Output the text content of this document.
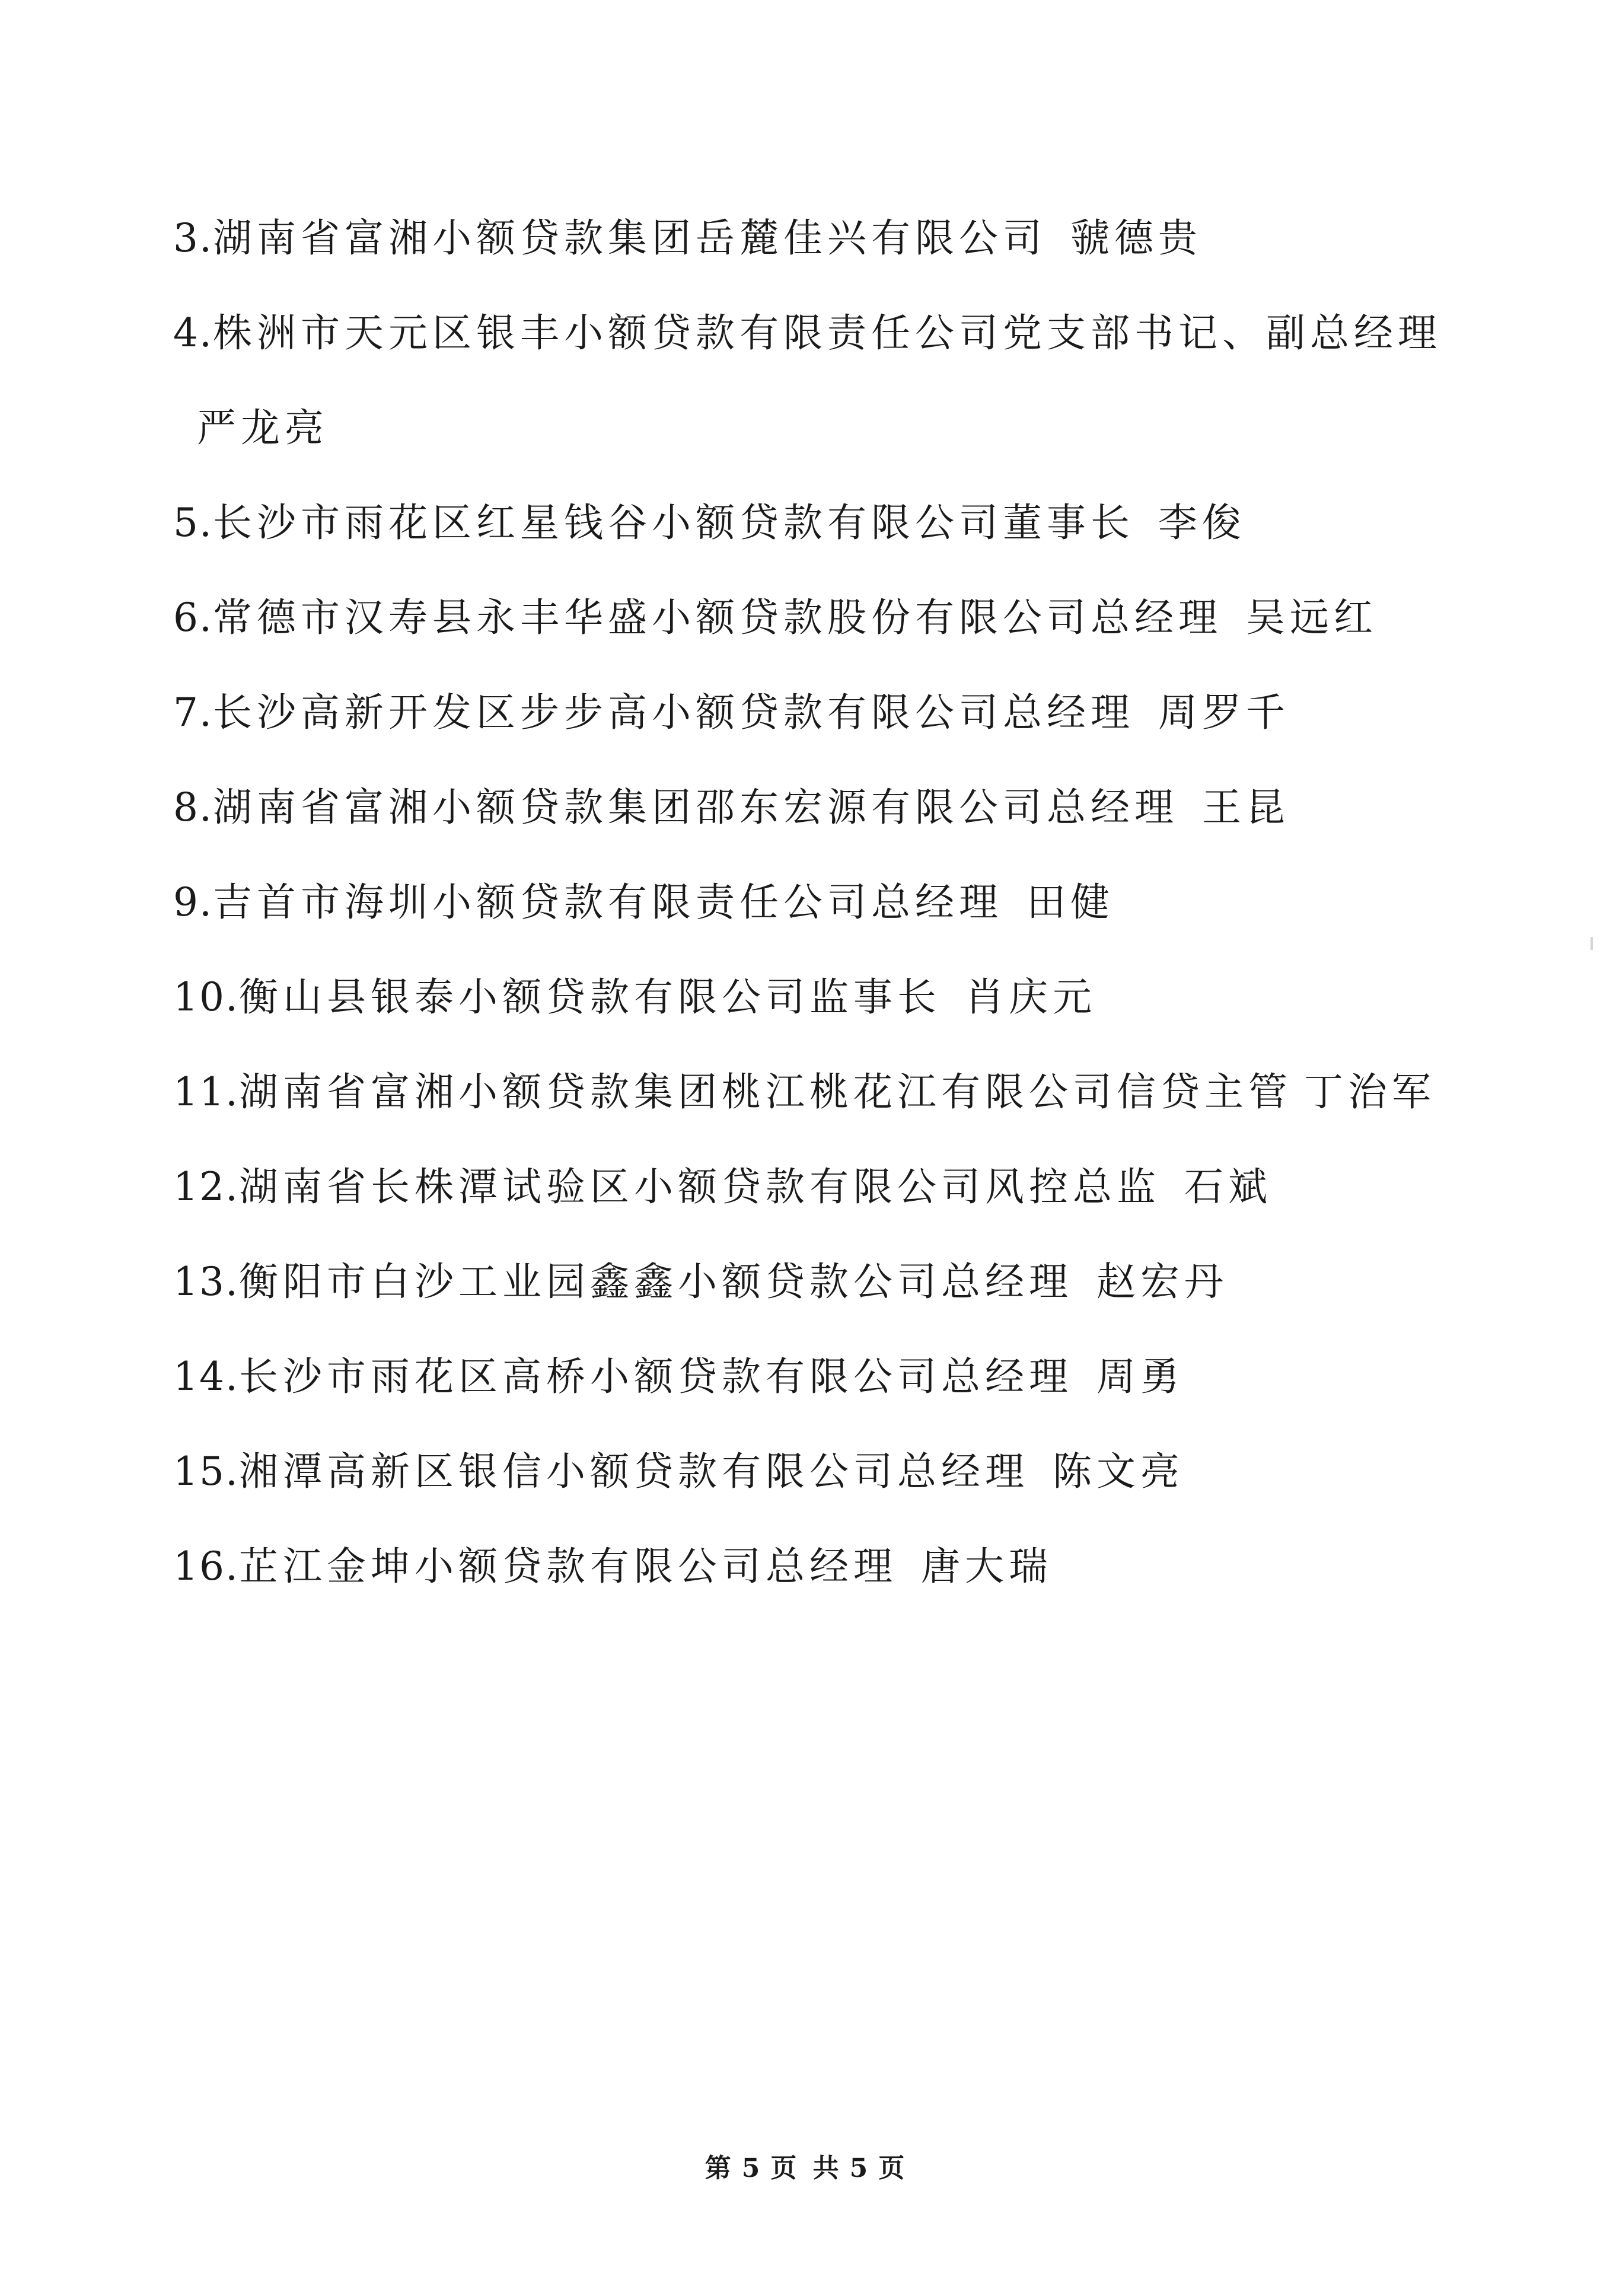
3.湖南省富湘小额贷款集团岳麓佳兴有限公司 虢德贵
4.株洲市天元区银丰小额贷款有限责任公司党支部书记、副总经理严龙亮
5.长沙市雨花区红星钱谷小额贷款有限公司董事长 李俊
6.常德市汉寿县永丰华盛小额贷款股份有限公司总经理 吴远红
7.长沙高新开发区步步高小额贷款有限公司总经理 周罗千
8.湖南省富湘小额贷款集团邵东宏源有限公司总经理 王昆
9.吉首市海圳小额贷款有限责任公司总经理 田健
10.衡山县银泰小额贷款有限公司监事长 肖庆元
11.湖南省富湘小额贷款集团桃江桃花江有限公司信贷主管 丁治军
12.湖南省长株潭试验区小额贷款有限公司风控总监 石斌
13.衡阳市白沙工业园鑫鑫小额贷款公司总经理 赵宏丹
14.长沙市雨花区高桥小额贷款有限公司总经理 周勇
15.湘潭高新区银信小额贷款有限公司总经理 陈文亮
16.芷江金坤小额贷款有限公司总经理 唐大瑞
第 5 页 共 5 页
